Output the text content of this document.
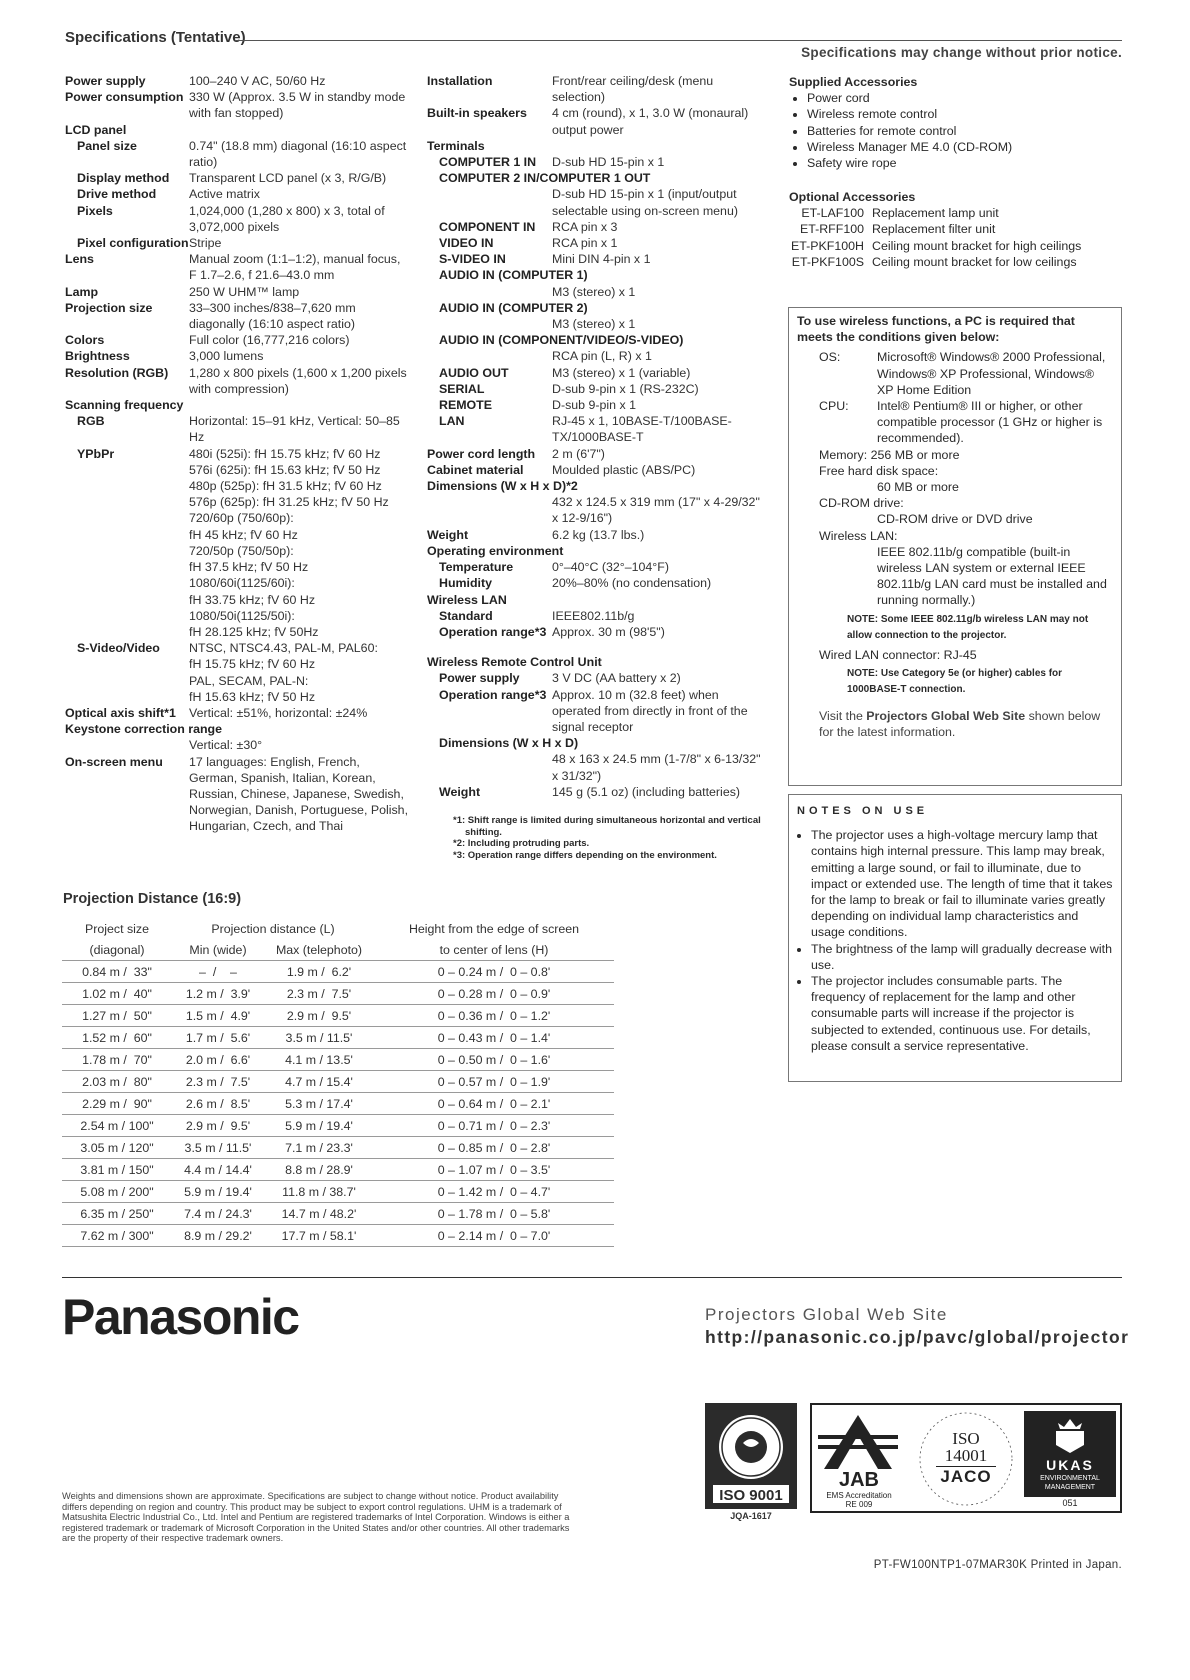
Specifications (Tentative)
Specifications may change without prior notice.
Power supply	100–240 V AC, 50/60 Hz
Power consumption 330 W (Approx. 3.5 W in standby mode with fan stopped)
LCD panel
Panel size	0.74" (18.8 mm) diagonal (16:10 aspect ratio)
Display method	Transparent LCD panel (x 3, R/G/B)
Drive method	Active matrix
Pixels	1,024,000 (1,280 x 800) x 3, total of 3,072,000 pixels
Pixel configuration Stripe
Lens	Manual zoom (1:1–1:2), manual focus, F 1.7–2.6, f 21.6–43.0 mm
Lamp	250 W UHM™ lamp
Projection size	33–300 inches/838–7,620 mm diagonally (16:10 aspect ratio)
Colors	Full color (16,777,216 colors)
Brightness	3,000 lumens
Resolution (RGB)	1,280 x 800 pixels (1,600 x 1,200 pixels with compression)
Scanning frequency
RGB	Horizontal: 15–91 kHz, Vertical: 50–85 Hz
YPbPr	480i (525i): fH 15.75 kHz; fV 60 Hz
576i (625i): fH 15.63 kHz; fV 50 Hz
480p (525p): fH 31.5 kHz; fV 60 Hz
576p (625p): fH 31.25 kHz; fV 50 Hz
720/60p (750/60p):
fH 45 kHz; fV 60 Hz
720/50p (750/50p):
fH 37.5 kHz; fV 50 Hz
1080/60i(1125/60i):
fH 33.75 kHz; fV 60 Hz
1080/50i(1125/50i):
fH 28.125 kHz; fV 50Hz
S-Video/Video	NTSC, NTSC4.43, PAL-M, PAL60:
fH 15.75 kHz; fV 60 Hz
PAL, SECAM, PAL-N:
fH 15.63 kHz; fV 50 Hz
Optical axis shift*1	Vertical: ±51%, horizontal: ±24%
Keystone correction range
Vertical: ±30°
On-screen menu	17 languages: English, French, German, Spanish, Italian, Korean, Russian, Chinese, Japanese, Swedish, Norwegian, Danish, Portuguese, Polish, Hungarian, Czech, and Thai
Installation	Front/rear ceiling/desk (menu selection)
Built-in speakers	4 cm (round), x 1, 3.0 W (monaural) output power
Terminals
COMPUTER 1 IN	D-sub HD 15-pin x 1
COMPUTER 2 IN/COMPUTER 1 OUT
D-sub HD 15-pin x 1 (input/output selectable using on-screen menu)
COMPONENT IN	RCA pin x 3
VIDEO IN	RCA pin x 1
S-VIDEO IN	Mini DIN 4-pin x 1
AUDIO IN (COMPUTER 1)
M3 (stereo) x 1
AUDIO IN (COMPUTER 2)
M3 (stereo) x 1
AUDIO IN (COMPONENT/VIDEO/S-VIDEO)
RCA pin (L, R) x 1
AUDIO OUT	M3 (stereo) x 1 (variable)
SERIAL	D-sub 9-pin x 1 (RS-232C)
REMOTE	D-sub 9-pin x 1
LAN	RJ-45 x 1, 10BASE-T/100BASE-TX/1000BASE-T
Power cord length	2 m (6'7")
Cabinet material	Moulded plastic (ABS/PC)
Dimensions (W x H x D)*2
432 x 124.5 x 319 mm (17" x 4-29/32" x 12-9/16")
Weight	6.2 kg (13.7 lbs.)
Operating environment
Temperature	0°–40°C (32°–104°F)
Humidity	20%–80% (no condensation)
Wireless LAN
Standard	IEEE802.11b/g
Operation range*3 Approx. 30 m (98'5")
Wireless Remote Control Unit
Power supply	3 V DC (AA battery x 2)
Operation range*3 Approx. 10 m (32.8 feet) when operated from directly in front of the signal receptor
Dimensions (W x H x D)
48 x 163 x 24.5 mm (1-7/8" x 6-13/32" x 31/32")
Weight	145 g (5.1 oz) (including batteries)
*1: Shift range is limited during simultaneous horizontal and vertical shifting.
*2: Including protruding parts.
*3: Operation range differs depending on the environment.
Supplied Accessories
• Power cord
• Wireless remote control
• Batteries for remote control
• Wireless Manager ME 4.0 (CD-ROM)
• Safety wire rope
Optional Accessories
ET-LAF100 Replacement lamp unit
ET-RFF100 Replacement filter unit
ET-PKF100H Ceiling mount bracket for high ceilings
ET-PKF100S Ceiling mount bracket for low ceilings
To use wireless functions, a PC is required that meets the conditions given below:
OS:	Microsoft® Windows® 2000 Professional, Windows® XP Professional, Windows® XP Home Edition
CPU:	Intel® Pentium® III or higher, or other compatible processor (1 GHz or higher is recommended).
Memory: 256 MB or more
Free hard disk space:
60 MB or more
CD-ROM drive:
CD-ROM drive or DVD drive
Wireless LAN:
IEEE 802.11b/g compatible (built-in wireless LAN system or external IEEE 802.11b/g LAN card must be installed and running normally.)
NOTE: Some IEEE 802.11g/b wireless LAN may not allow connection to the projector.
Wired LAN connector: RJ-45
NOTE: Use Category 5e (or higher) cables for 1000BASE-T connection.
Visit the Projectors Global Web Site shown below for the latest information.
NOTES ON USE
• The projector uses a high-voltage mercury lamp that contains high internal pressure. This lamp may break, emitting a large sound, or fail to illuminate, due to impact or extended use. The length of time that it takes for the lamp to break or fail to illuminate varies greatly depending on individual lamp characteristics and usage conditions.
• The brightness of the lamp will gradually decrease with use.
• The projector includes consumable parts. The frequency of replacement for the lamp and other consumable parts will increase if the projector is subjected to extended, continuous use. For details, please consult a service representative.
Projection Distance (16:9)
Project size	Projection distance (L)		Height from the edge of screen
(diagonal)	Min (wide)	Max (telephoto)	to center of lens (H)
0.84 m /  33"	–  /    –	1.9 m /  6.2'	0 – 0.24 m /  0 – 0.8'
1.02 m /  40"	1.2 m /  3.9'	2.3 m /  7.5'	0 – 0.28 m /  0 – 0.9'
1.27 m /  50"	1.5 m /  4.9'	2.9 m /  9.5'	0 – 0.36 m /  0 – 1.2'
1.52 m /  60"	1.7 m /  5.6'	3.5 m / 11.5'	0 – 0.43 m /  0 – 1.4'
1.78 m /  70"	2.0 m /  6.6'	4.1 m / 13.5'	0 – 0.50 m /  0 – 1.6'
2.03 m /  80"	2.3 m /  7.5'	4.7 m / 15.4'	0 – 0.57 m /  0 – 1.9'
2.29 m /  90"	2.6 m /  8.5'	5.3 m / 17.4'	0 – 0.64 m /  0 – 2.1'
2.54 m / 100"	2.9 m /  9.5'	5.9 m / 19.4'	0 – 0.71 m /  0 – 2.3'
3.05 m / 120"	3.5 m / 11.5'	7.1 m / 23.3'	0 – 0.85 m /  0 – 2.8'
3.81 m / 150"	4.4 m / 14.4'	8.8 m / 28.9'	0 – 1.07 m /  0 – 3.5'
5.08 m / 200"	5.9 m / 19.4'	11.8 m / 38.7'	0 – 1.42 m /  0 – 4.7'
6.35 m / 250"	7.4 m / 24.3'	14.7 m / 48.2'	0 – 1.78 m /  0 – 5.8'
7.62 m / 300"	8.9 m / 29.2'	17.7 m / 58.1'	0 – 2.14 m /  0 – 7.0'
Panasonic	Projectors Global Web Site
http://panasonic.co.jp/pavc/global/projector
Weights and dimensions shown are approximate. Specifications are subject to change without notice. Product availability differs depending on region and country. This product may be subject to export control regulations. UHM is a trademark of Matsushita Electric Industrial Co., Ltd. Intel and Pentium are registered trademarks of Intel Corporation. Windows is either a registered trademark or trademark of Microsoft Corporation in the United States and/or other countries. All other trademarks are the property of their respective trademark owners.
ISO 9001
JQA-1617
JAB
EMS Accreditation
RE 009
ISO
14001
JACO
UKAS
ENVIRONMENTAL
MANAGEMENT
051
PT-FW100NTP1-07MAR30K Printed in Japan.
